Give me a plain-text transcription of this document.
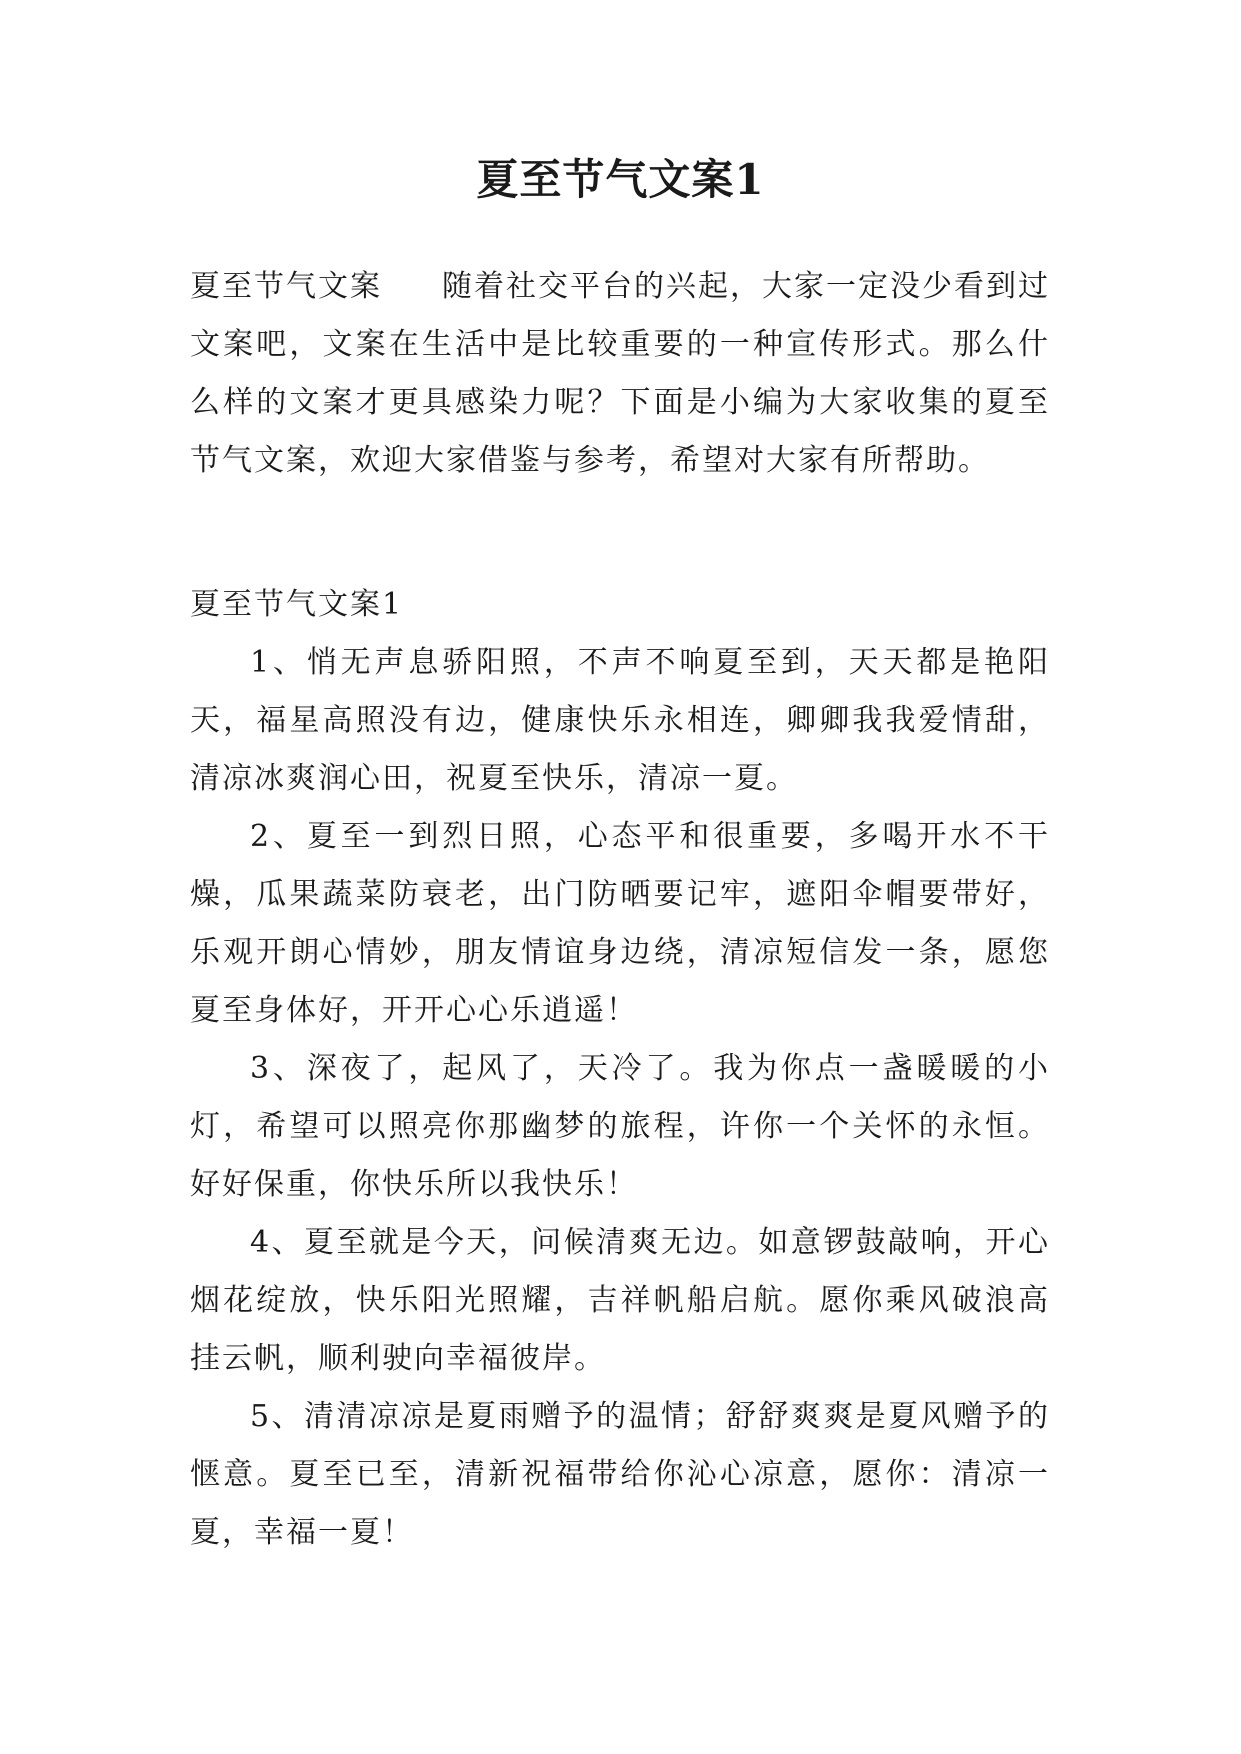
夏至节气文案1
夏至节气文案 随着社交平台的兴起，大家一定没少看到过文案吧，文案在生活中是比较重要的一种宣传形式。那么什么样的文案才更具感染力呢？下面是小编为大家收集的夏至节气文案，欢迎大家借鉴与参考，希望对大家有所帮助。
夏至节气文案1

1、悄无声息骄阳照，不声不响夏至到，天天都是艳阳天，福星高照没有边，健康快乐永相连，卿卿我我爱情甜，清凉冰爽润心田，祝夏至快乐，清凉一夏。

2、夏至一到烈日照，心态平和很重要，多喝开水不干燥，瓜果蔬菜防衰老，出门防晒要记牢，遮阳伞帽要带好，乐观开朗心情妙，朋友情谊身边绕，清凉短信发一条，愿您夏至身体好，开开心心乐逍遥！

3、深夜了，起风了，天冷了。我为你点一盏暖暖的小灯，希望可以照亮你那幽梦的旅程，许你一个关怀的永恒。好好保重，你快乐所以我快乐！

4、夏至就是今天，问候清爽无边。如意锣鼓敲响，开心烟花绽放，快乐阳光照耀，吉祥帆船启航。愿你乘风破浪高挂云帆，顺利驶向幸福彼岸。

5、清清凉凉是夏雨赠予的温情；舒舒爽爽是夏风赠予的惬意。夏至已至，清新祝福带给你沁心凉意，愿你：清凉一夏，幸福一夏！
